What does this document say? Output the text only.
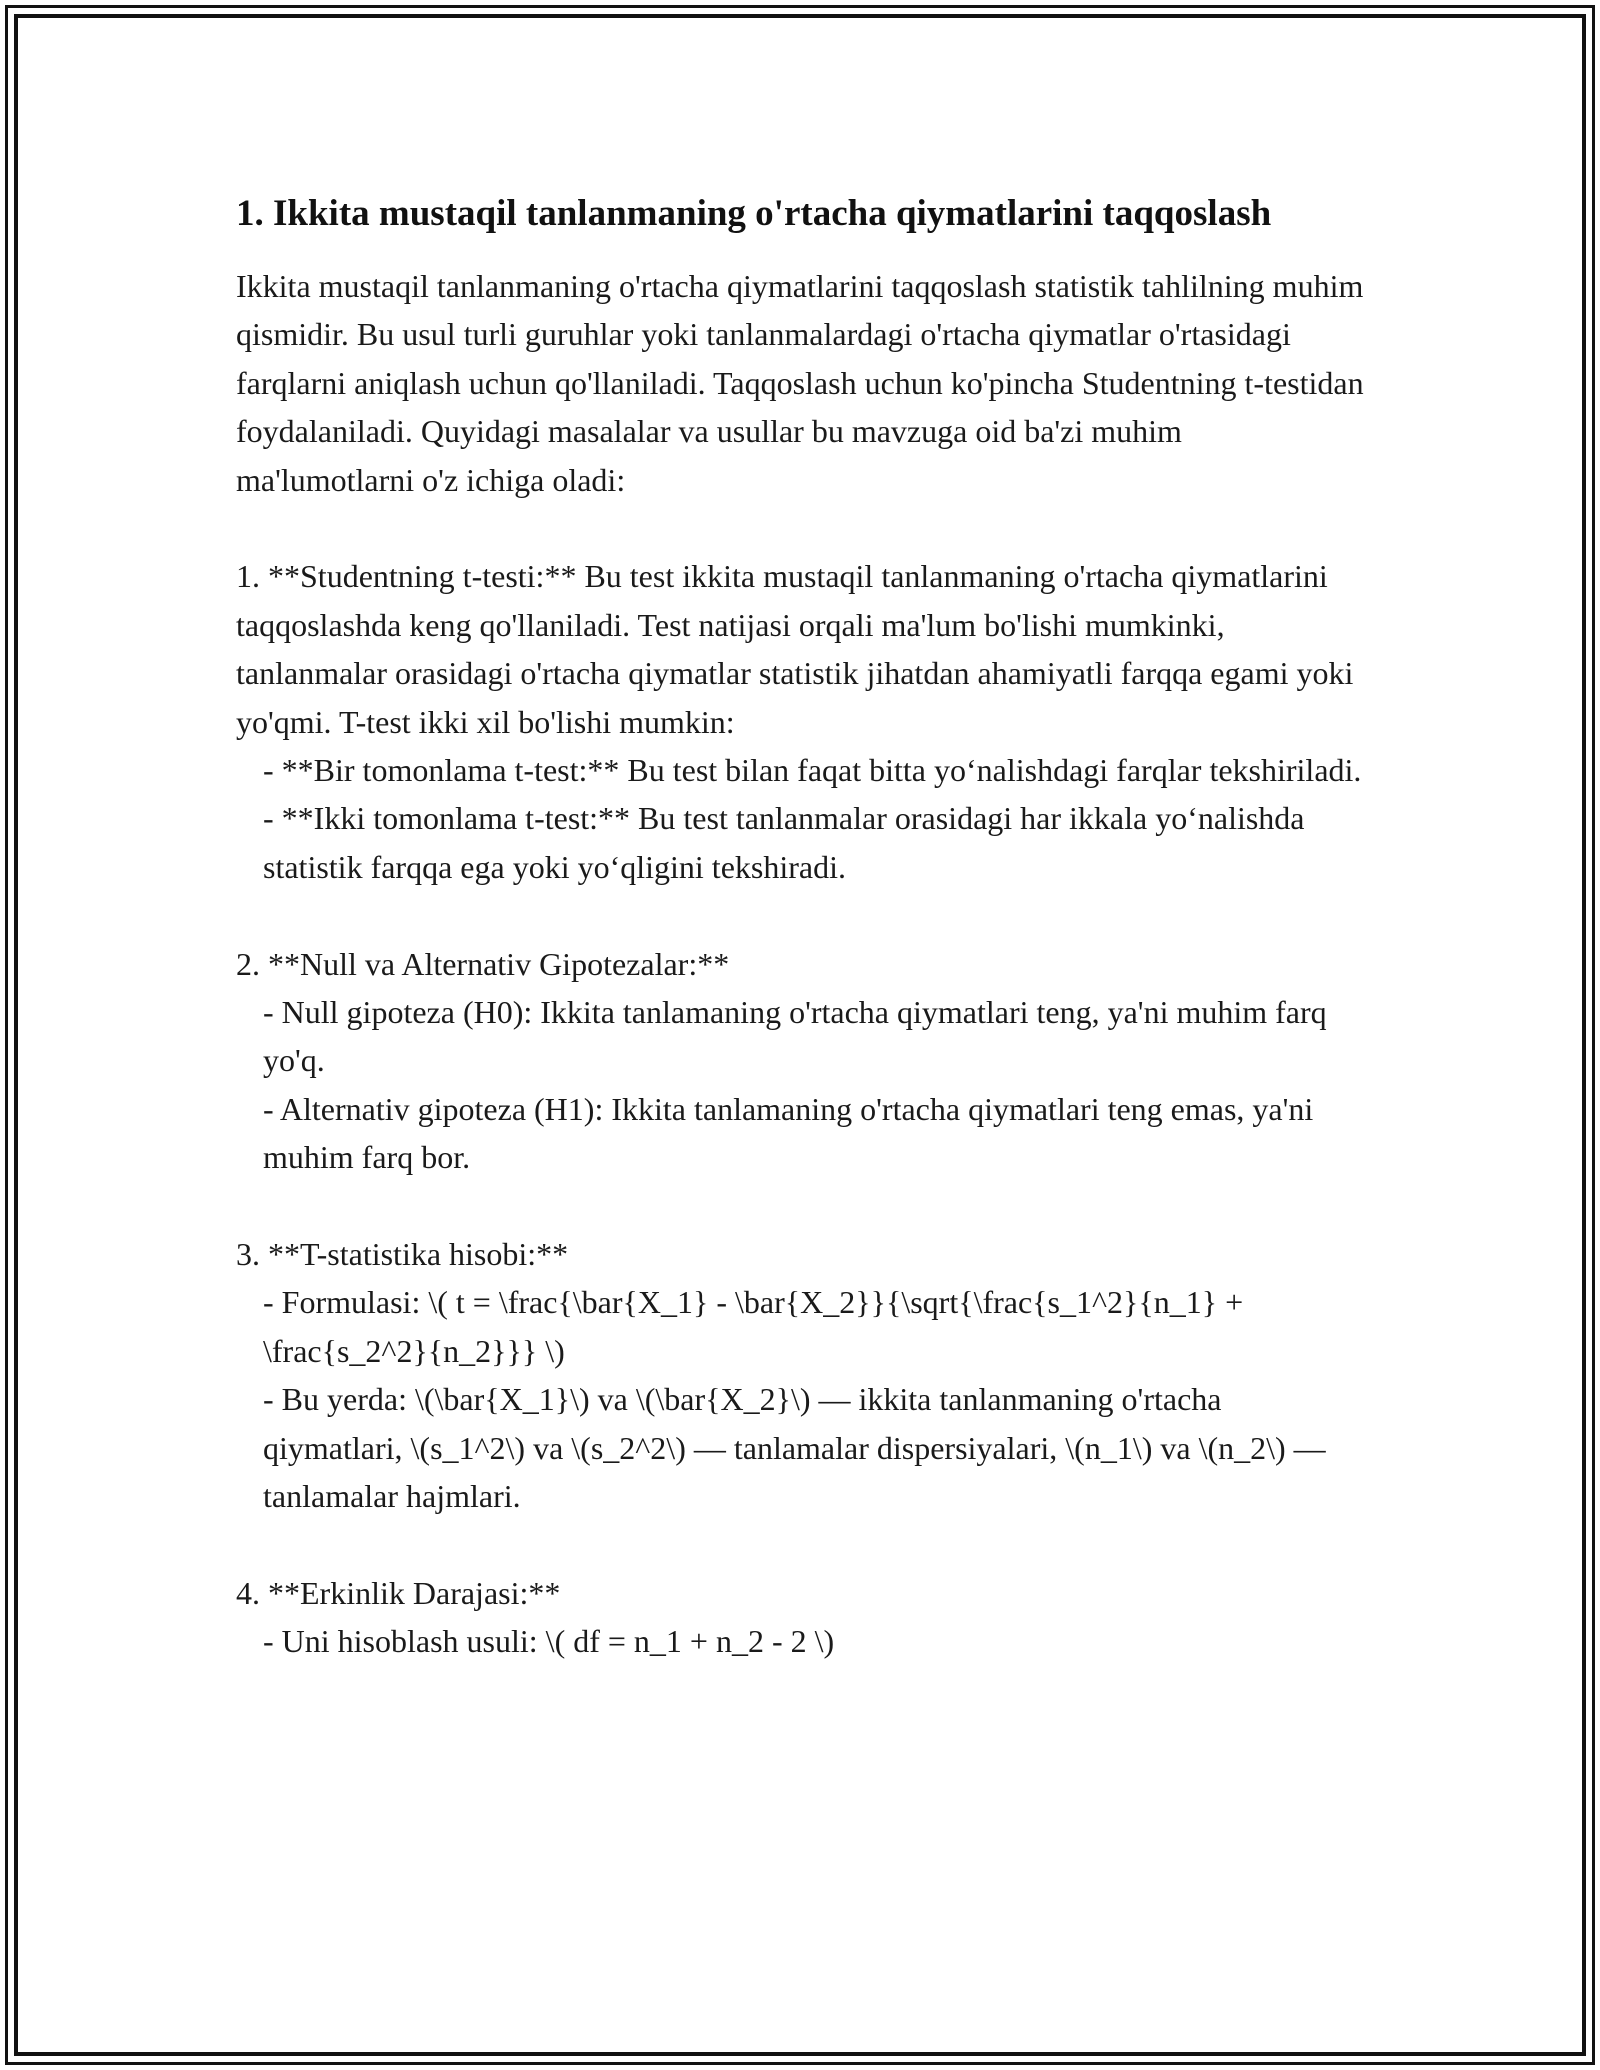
1. Ikkita mustaqil tanlanmaning o'rtacha qiymatlarini taqqoslash

Ikkita mustaqil tanlanmaning o'rtacha qiymatlarini taqqoslash statistik tahlilning muhim qismidir. Bu usul turli guruhlar yoki tanlanmalardagi o'rtacha qiymatlar o'rtasidagi farqlarni aniqlash uchun qo'llaniladi. Taqqoslash uchun ko'pincha Studentning t-testidan foydalaniladi. Quyidagi masalalar va usullar bu mavzuga oid ba'zi muhim ma'lumotlarni o'z ichiga oladi:

1. **Studentning t-testi:** Bu test ikkita mustaqil tanlanmaning o'rtacha qiymatlarini taqqoslashda keng qo'llaniladi. Test natijasi orqali ma'lum bo'lishi mumkinki, tanlanmalar orasidagi o'rtacha qiymatlar statistik jihatdan ahamiyatli farqqa egami yoki yo'qmi. T-test ikki xil bo'lishi mumkin:
- **Bir tomonlama t-test:** Bu test bilan faqat bitta yoʻnalishdagi farqlar tekshiriladi.
- **Ikki tomonlama t-test:** Bu test tanlanmalar orasidagi har ikkala yoʻnalishda statistik farqqa ega yoki yoʻqligini tekshiradi.
2. **Null va Alternativ Gipotezalar:**
- Null gipoteza (H0): Ikkita tanlamaning o'rtacha qiymatlari teng, ya'ni muhim farq yo'q.
- Alternativ gipoteza (H1): Ikkita tanlamaning o'rtacha qiymatlari teng emas, ya'ni muhim farq bor.
3. **T-statistika hisobi:**
- Formulasi: \( t = \frac{\bar{X_1} - \bar{X_2}}{\sqrt{\frac{s_1^2}{n_1} + \frac{s_2^2}{n_2}}} \)
- Bu yerda: \(\bar{X_1}\) va \(\bar{X_2}\) — ikkita tanlanmaning o'rtacha qiymatlari, \(s_1^2\) va \(s_2^2\) — tanlamalar dispersiyalari, \(n_1\) va \(n_2\) — tanlamalar hajmlari.
4. **Erkinlik Darajasi:**
- Uni hisoblash usuli: \( df = n_1 + n_2 - 2 \)
